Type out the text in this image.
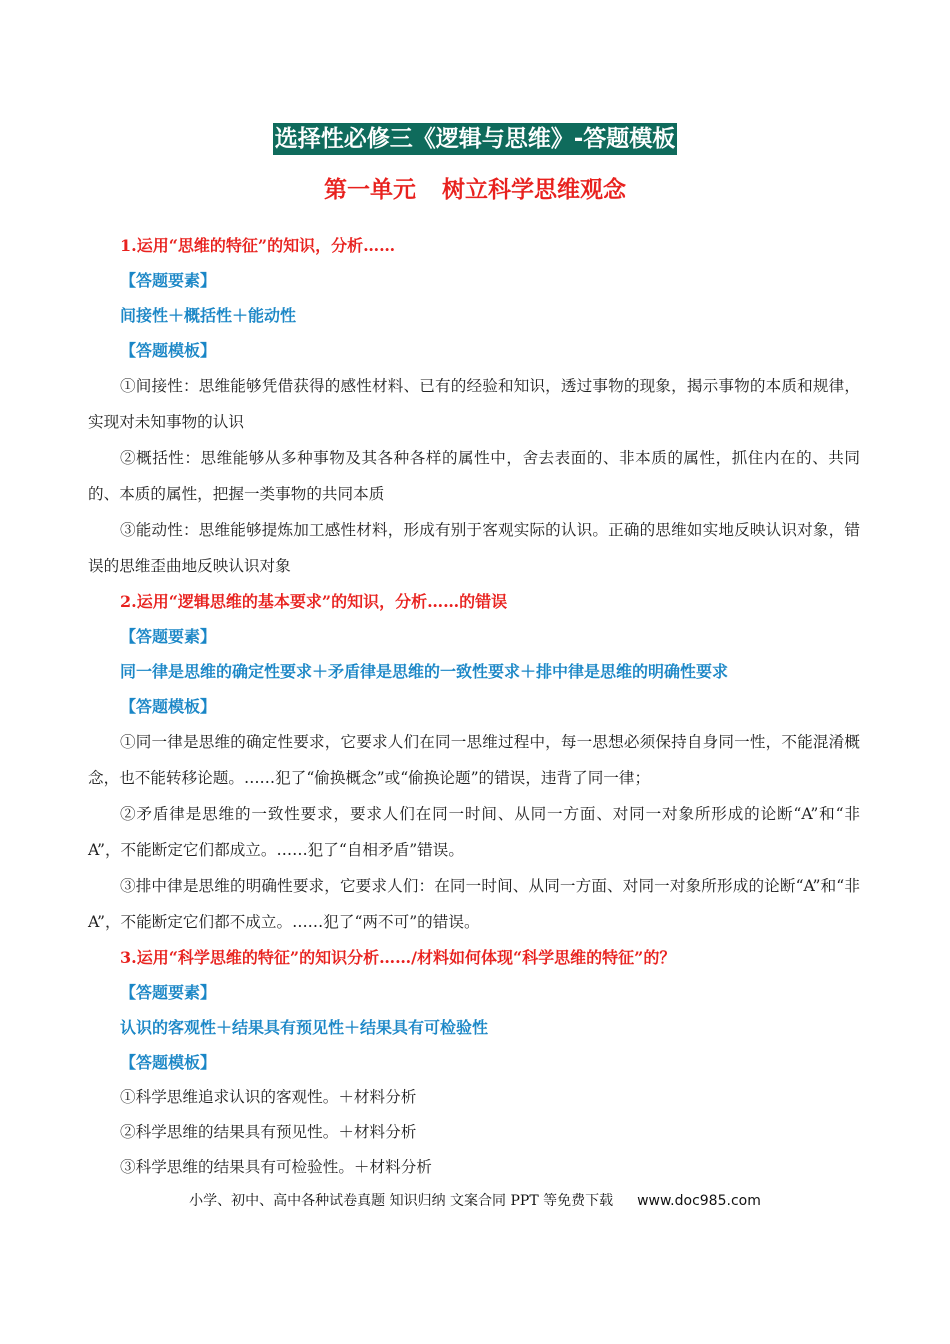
选择性必修三《逻辑与思维》-答题模板
第一单元 树立科学思维观念
1.运用“思维的特征”的知识，分析……
【答题要素】
间接性＋概括性＋能动性
【答题模板】
①间接性：思维能够凭借获得的感性材料、已有的经验和知识，透过事物的现象，揭示事物的本质和规律，实现对未知事物的认识
②概括性：思维能够从多种事物及其各种各样的属性中，舍去表面的、非本质的属性，抓住内在的、共同的、本质的属性，把握一类事物的共同本质
③能动性：思维能够提炼加工感性材料，形成有别于客观实际的认识。正确的思维如实地反映认识对象，错误的思维歪曲地反映认识对象
2.运用“逻辑思维的基本要求”的知识，分析……的错误
【答题要素】
同一律是思维的确定性要求＋矛盾律是思维的一致性要求＋排中律是思维的明确性要求
【答题模板】
①同一律是思维的确定性要求，它要求人们在同一思维过程中，每一思想必须保持自身同一性，不能混淆概念，也不能转移论题。……犯了“偷换概念”或“偷换论题”的错误，违背了同一律；
②矛盾律是思维的一致性要求，要求人们在同一时间、从同一方面、对同一对象所形成的论断“A”和“非 A”，不能断定它们都成立。……犯了“自相矛盾”错误。
③排中律是思维的明确性要求，它要求人们：在同一时间、从同一方面、对同一对象所形成的论断“A”和“非 A”，不能断定它们都不成立。……犯了“两不可”的错误。
3.运用“科学思维的特征”的知识分析……/材料如何体现“科学思维的特征”的？
【答题要素】
认识的客观性＋结果具有预见性＋结果具有可检验性
【答题模板】
①科学思维追求认识的客观性。＋材料分析
②科学思维的结果具有预见性。＋材料分析
③科学思维的结果具有可检验性。＋材料分析
小学、初中、高中各种试卷真题 知识归纳 文案合同 PPT 等免费下载 www.doc985.com
